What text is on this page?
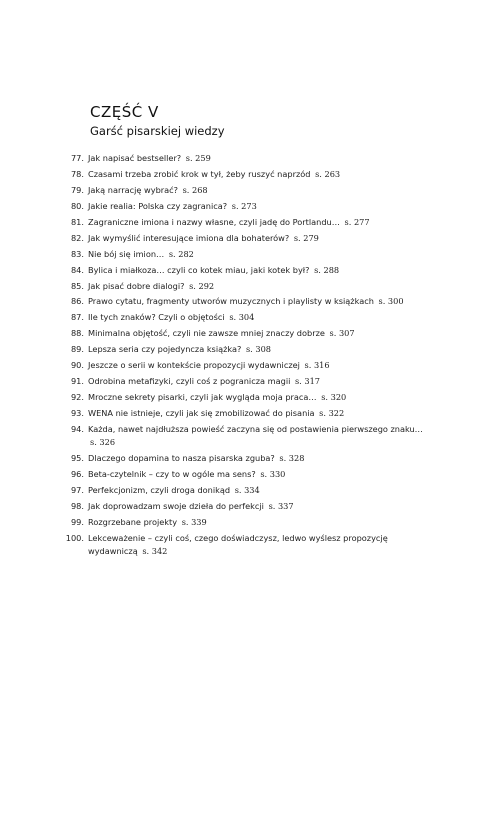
CZĘŚĆ V
Garść pisarskiej wiedzy
77. Jak napisać bestseller? s. 259
78. Czasami trzeba zrobić krok w tył, żeby ruszyć naprzód s. 263
79. Jaką narrację wybrać? s. 268
80. Jakie realia: Polska czy zagranica? s. 273
81. Zagraniczne imiona i nazwy własne, czyli jadę do Portlandu… s. 277
82. Jak wymyślić interesujące imiona dla bohaterów? s. 279
83. Nie bój się imion… s. 282
84. Bylica i miałkoza… czyli co kotek miau, jaki kotek był? s. 288
85. Jak pisać dobre dialogi? s. 292
86. Prawo cytatu, fragmenty utworów muzycznych i playlisty w książkach s. 300
87. Ile tych znaków? Czyli o objętości s. 304
88. Minimalna objętość, czyli nie zawsze mniej znaczy dobrze s. 307
89. Lepsza seria czy pojedyncza książka? s. 308
90. Jeszcze o serii w kontekście propozycji wydawniczej s. 316
91. Odrobina metafizyki, czyli coś z pogranicza magii s. 317
92. Mroczne sekrety pisarki, czyli jak wygląda moja praca… s. 320
93. WENA nie istnieje, czyli jak się zmobilizować do pisania s. 322
94. Każda, nawet najdłuższa powieść zaczyna się od postawienia pierwszego znaku… s. 326
95. Dlaczego dopamina to nasza pisarska zguba? s. 328
96. Beta-czytelnik – czy to w ogóle ma sens? s. 330
97. Perfekcjonizm, czyli droga donikąd s. 334
98. Jak doprowadzam swoje dzieła do perfekcji s. 337
99. Rozgrzebane projekty s. 339
100. Lekceważenie – czyli coś, czego doświadczysz, ledwo wyślesz propozycję wydawniczą s. 342
